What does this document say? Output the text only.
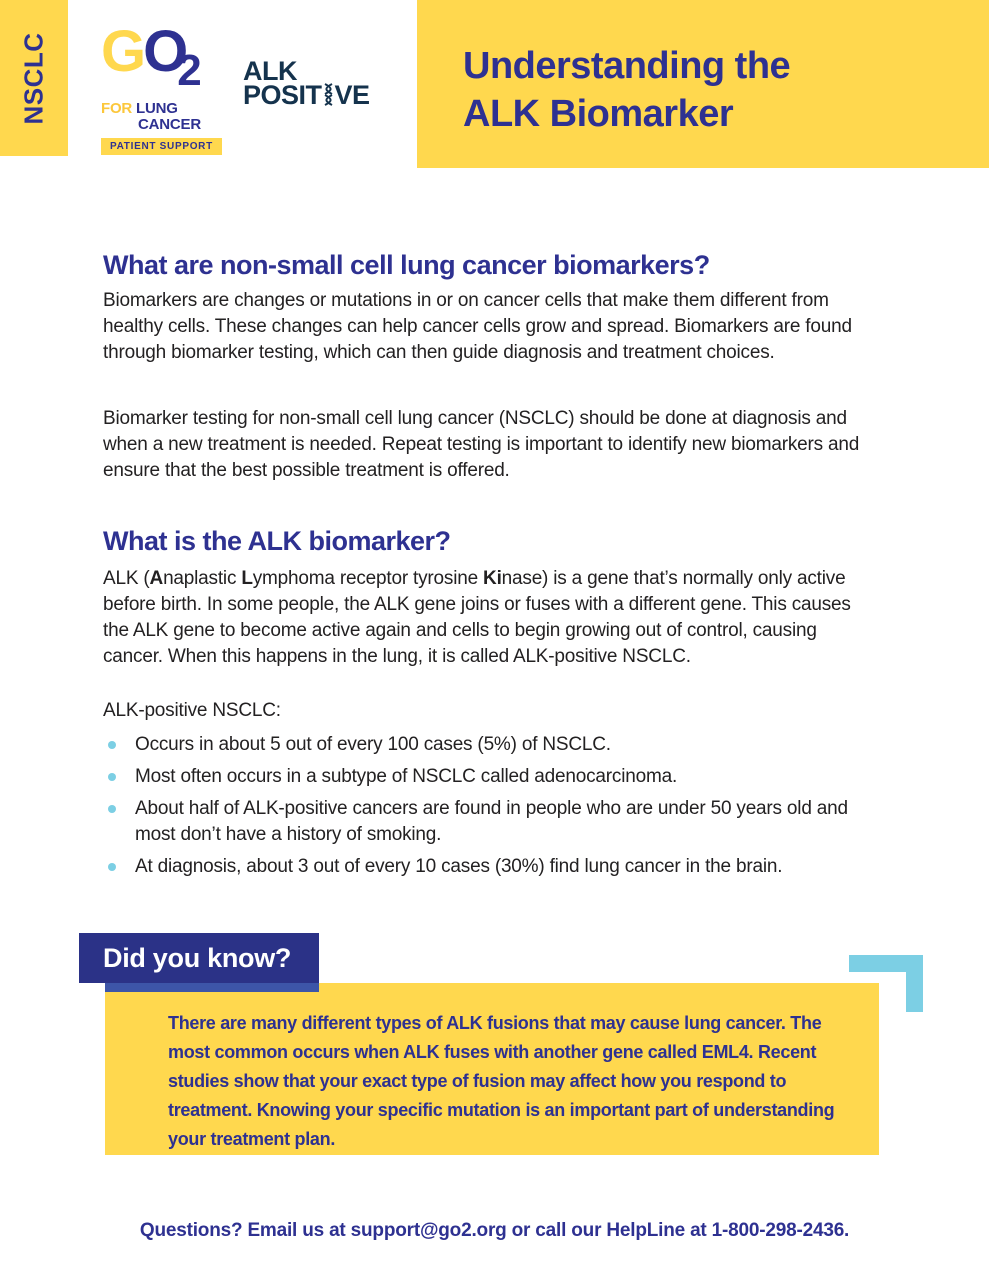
NSCLC GO2
FOR LUNG
CANCER
PATIENT SUPPORT
ALK
POSIT VE
Understanding the
ALK Biomarker
What are non-small cell lung cancer biomarkers?
Biomarkers are changes or mutations in or on cancer cells that make them different from healthy cells. These changes can help cancer cells grow and spread. Biomarkers are found through biomarker testing, which can then guide diagnosis and treatment choices.
Biomarker testing for non-small cell lung cancer (NSCLC) should be done at diagnosis and when a new treatment is needed. Repeat testing is important to identify new biomarkers and ensure that the best possible treatment is offered.
What is the ALK biomarker?
ALK (Anaplastic Lymphoma receptor tyrosine Kinase) is a gene that’s normally only active before birth. In some people, the ALK gene joins or fuses with a different gene. This causes the ALK gene to become active again and cells to begin growing out of control, causing cancer. When this happens in the lung, it is called ALK-positive NSCLC.
ALK-positive NSCLC:
Occurs in about 5 out of every 100 cases (5%) of NSCLC.
Most often occurs in a subtype of NSCLC called adenocarcinoma.
About half of ALK-positive cancers are found in people who are under 50 years old and most don’t have a history of smoking.
At diagnosis, about 3 out of every 10 cases (30%) find lung cancer in the brain.
Did you know?
There are many different types of ALK fusions that may cause lung cancer. The most common occurs when ALK fuses with another gene called EML4. Recent studies show that your exact type of fusion may affect how you respond to treatment. Knowing your specific mutation is an important part of understanding your treatment plan.
Questions? Email us at support@go2.org or call our HelpLine at 1-800-298-2436.
